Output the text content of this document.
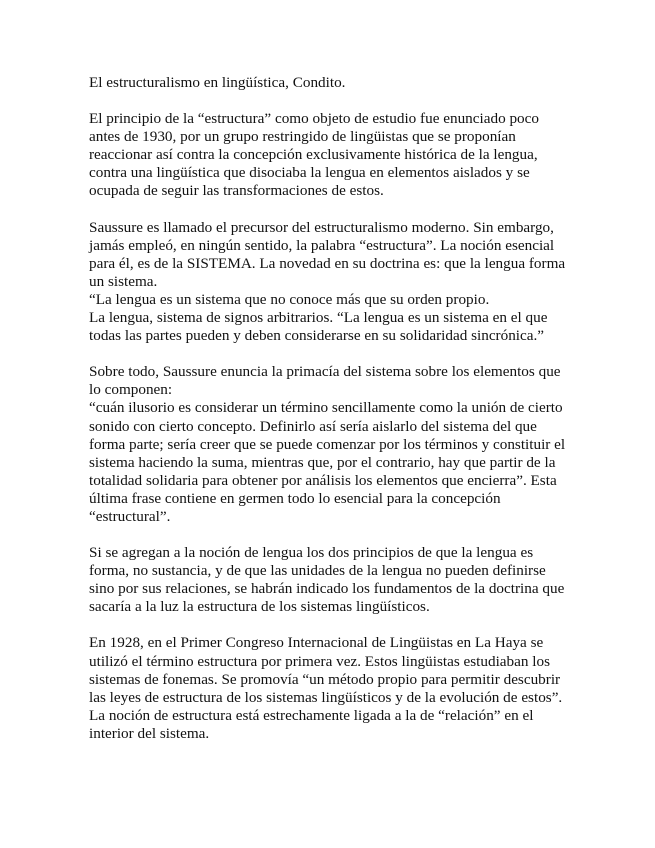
El estructuralismo en lingüística, Condito.

El principio de la “estructura” como objeto de estudio fue enunciado poco
antes de 1930, por un grupo restringido de lingüistas que se proponían
reaccionar así contra la concepción exclusivamente histórica de la lengua,
contra una lingüística que disociaba la lengua en elementos aislados y se
ocupada de seguir las transformaciones de estos.

Saussure es llamado el precursor del estructuralismo moderno. Sin embargo,
jamás empleó, en ningún sentido, la palabra “estructura”. La noción esencial
para él, es de la SISTEMA. La novedad en su doctrina es: que la lengua forma
un sistema.
“La lengua es un sistema que no conoce más que su orden propio.
La lengua, sistema de signos arbitrarios. “La lengua es un sistema en el que
todas las partes pueden y deben considerarse en su solidaridad sincrónica.”

Sobre todo, Saussure enuncia la primacía del sistema sobre los elementos que
lo componen:
“cuán ilusorio es considerar un término sencillamente como la unión de cierto
sonido con cierto concepto. Definirlo así sería aislarlo del sistema del que
forma parte; sería creer que se puede comenzar por los términos y constituir el
sistema haciendo la suma, mientras que, por el contrario, hay que partir de la
totalidad solidaria para obtener por análisis los elementos que encierra”. Esta
última frase contiene en germen todo lo esencial para la concepción
“estructural”.

Si se agregan a la noción de lengua los dos principios de que la lengua es
forma, no sustancia, y de que las unidades de la lengua no pueden definirse
sino por sus relaciones, se habrán indicado los fundamentos de la doctrina que
sacaría a la luz la estructura de los sistemas lingüísticos.

En 1928, en el Primer Congreso Internacional de Lingüistas en La Haya se
utilizó el término estructura por primera vez. Estos lingüistas estudiaban los
sistemas de fonemas. Se promovía “un método propio para permitir descubrir
las leyes de estructura de los sistemas lingüísticos y de la evolución de estos”.
La noción de estructura está estrechamente ligada a la de “relación” en el
interior del sistema.
